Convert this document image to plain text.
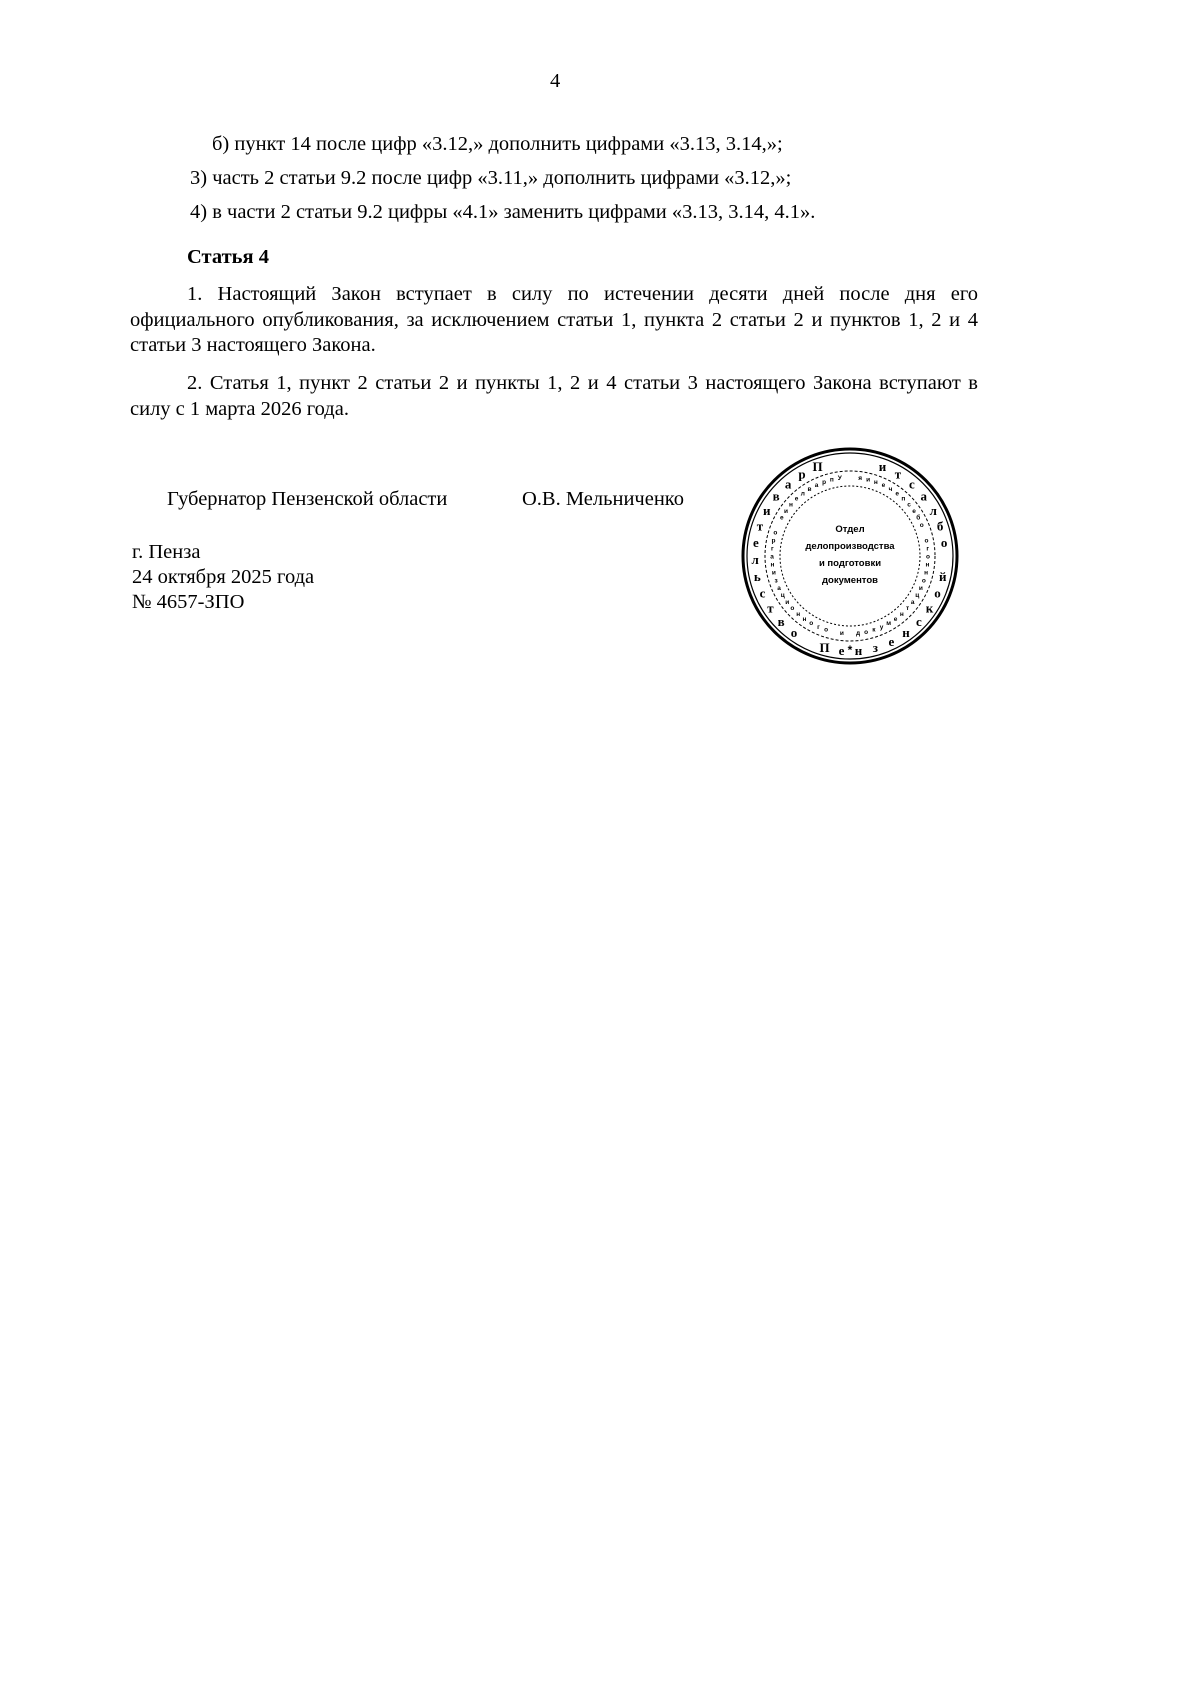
4
б) пункт 14 после цифр «3.12,» дополнить цифрами «3.13, 3.14,»;
3) часть 2 статьи 9.2 после цифр «3.11,» дополнить цифрами «3.12,»;
4) в части 2 статьи 9.2 цифры «4.1» заменить цифрами «3.13, 3.14, 4.1».
Статья 4
1. Настоящий Закон вступает в силу по истечении десяти дней после дня его официального опубликования, за исключением статьи 1, пункта 2 статьи 2 и пунктов 1, 2 и 4 статьи 3 настоящего Закона.
2. Статья 1, пункт 2 статьи 2 и пункты 1, 2 и 4 статьи 3 настоящего Закона вступают в силу с 1 марта 2026 года.
Губернатор Пензенской области	О.В. Мельниченко
г. Пенза
24 октября 2025 года
№ 4657-ЗПО
П
р
а
в
и
т
е
л
ь
с
т
в
о
П е н з е
н
с
к
о
й
о
б
л
а
с
т
и
У
п
р
а
в
л
е
н
и
е
о
р
г
а
н
и
з
а
ц
и
о
н
н
о
г о и д о к у
м
е
н
т
а
ц
и
о
н
н
о
г
о
о
б
е
с
п
е
ч
е
н
и
я
Отдел
делопроизводства
и подготовки
документов
*
